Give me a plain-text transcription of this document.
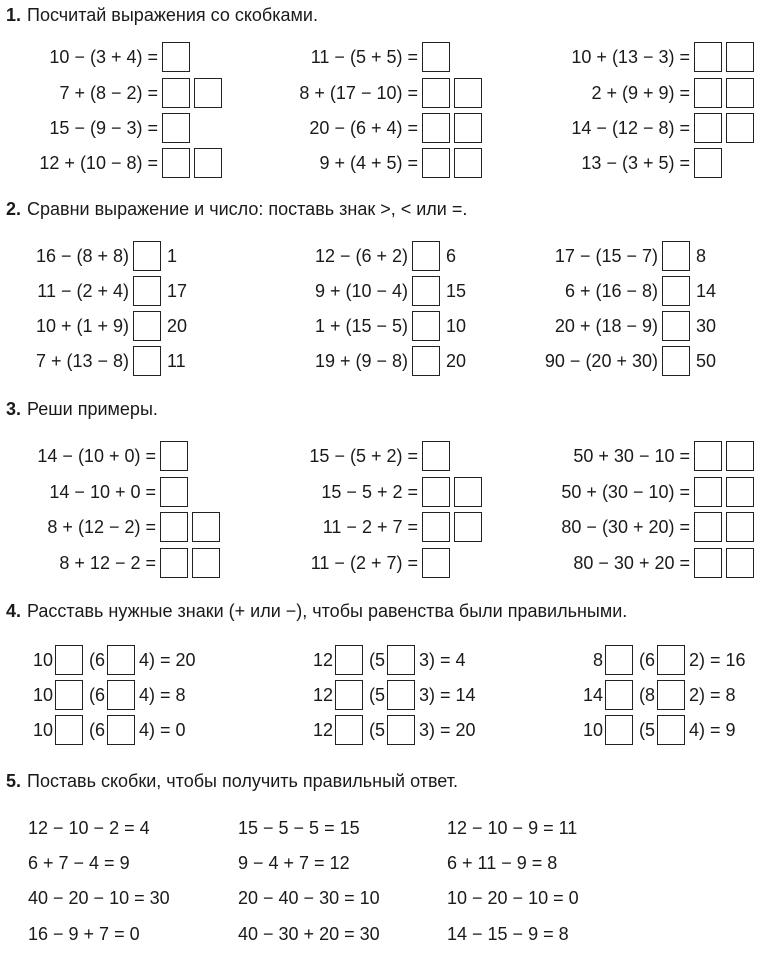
1. Посчитай выражения со скобками.
10 − (3 + 4) =	11 − (5 + 5) =	10 + (13 − 3) =
7 + (8 − 2) =	8 + (17 − 10) =	2 + (9 + 9) =
15 − (9 − 3) =	20 − (6 + 4) =	14 − (12 − 8) =
12 + (10 − 8) =	9 + (4 + 5) =	13 − (3 + 5) =
2. Сравни выражение и число: поставь знак >, < или =.
16 − (8 + 8) 1	12 − (6 + 2) 6	17 − (15 − 7) 8
11 − (2 + 4) 17	9 + (10 − 4) 15	6 + (16 − 8) 14
10 + (1 + 9) 20	1 + (15 − 5) 10	20 + (18 − 9) 30
7 + (13 − 8) 11	19 + (9 − 8) 20	90 − (20 + 30) 50
3. Реши примеры.
14 − (10 + 0) =	15 − (5 + 2) =	50 + 30 − 10 =
14 − 10 + 0 =	15 − 5 + 2 =	50 + (30 − 10) =
8 + (12 − 2) =	11 − 2 + 7 =	80 − (30 + 20) =
8 + 12 − 2 =	11 − (2 + 7) =	80 − 30 + 20 =
4. Расставь нужные знаки (+ или −), чтобы равенства были правильными.
10 (6 4) = 20	12 (5 3) = 4	8 (6 2) = 16
10 (6 4) = 8	12 (5 3) = 14	14 (8 2) = 8
10 (6 4) = 0	12 (5 3) = 20	10 (5 4) = 9
5. Поставь скобки, чтобы получить правильный ответ.
12 − 10 − 2 = 4	15 − 5 − 5 = 15	12 − 10 − 9 = 11
6 + 7 − 4 = 9	9 − 4 + 7 = 12	6 + 11 − 9 = 8
40 − 20 − 10 = 30	20 − 40 − 30 = 10	10 − 20 − 10 = 0
16 − 9 + 7 = 0	40 − 30 + 20 = 30	14 − 15 − 9 = 8
